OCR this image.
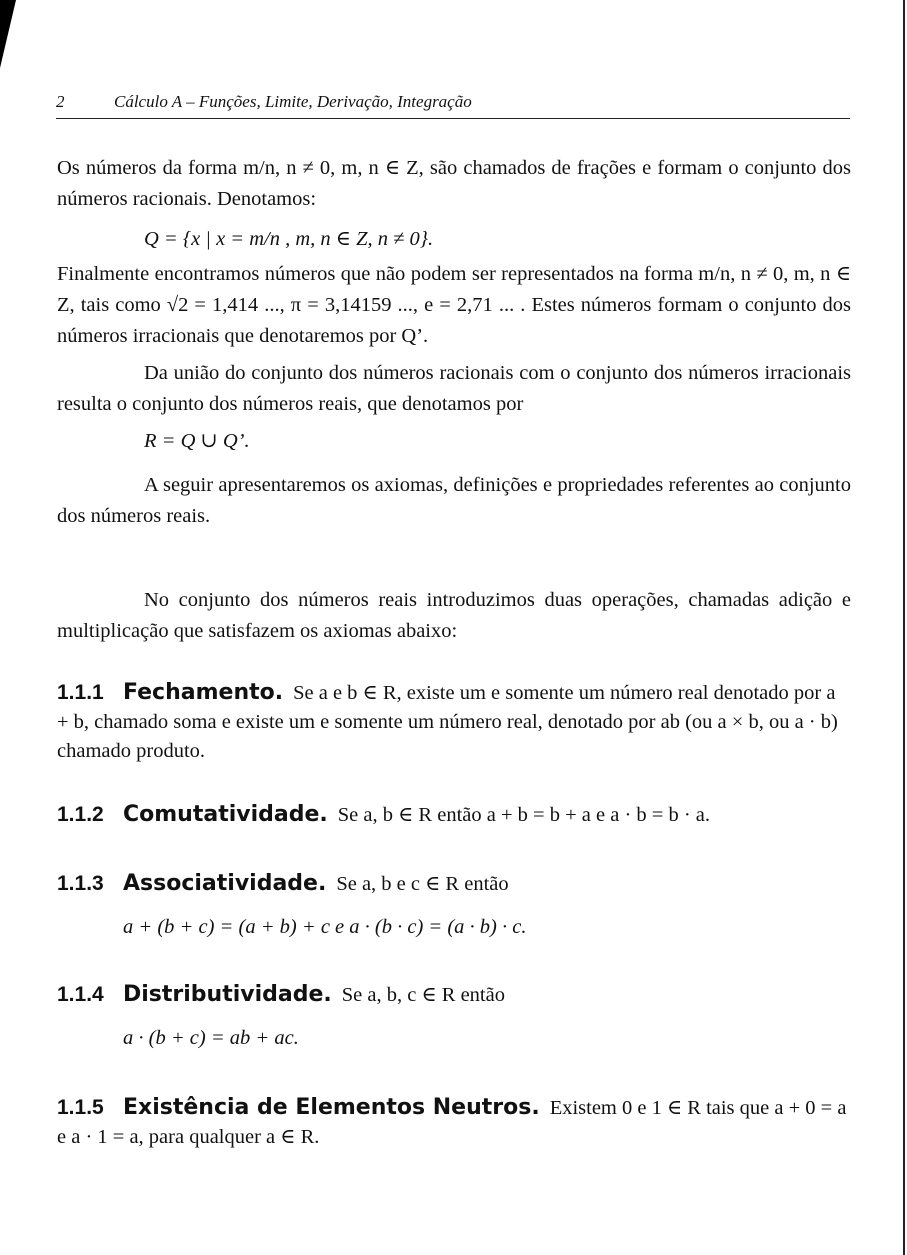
2	Cálculo A – Funções, Limite, Derivação, Integração
Os números da forma m/n, n ≠ 0, m, n ∈ Z, são chamados de frações e formam o conjunto dos números racionais. Denotamos:
Q = {x | x = m/n , m, n ∈ Z, n ≠ 0}.
Finalmente encontramos números que não podem ser representados na forma m/n, n ≠ 0, m, n ∈ Z, tais como √2 = 1,414 ..., π = 3,14159 ..., e = 2,71 ... . Estes números formam o conjunto dos números irracionais que denotaremos por Q’.
Da união do conjunto dos números racionais com o conjunto dos números irracionais resulta o conjunto dos números reais, que denotamos por
R = Q ∪ Q’.
A seguir apresentaremos os axiomas, definições e propriedades referentes ao conjunto dos números reais.
No conjunto dos números reais introduzimos duas operações, chamadas adição e multiplicação que satisfazem os axiomas abaixo:
1.1.1 Fechamento. Se a e b ∈ R, existe um e somente um número real denotado por a + b, chamado soma e existe um e somente um número real, denotado por ab (ou a × b, ou a · b) chamado produto.
1.1.2 Comutatividade. Se a, b ∈ R então a + b = b + a e a · b = b · a.
1.1.3 Associatividade. Se a, b e c ∈ R então
a + (b + c) = (a + b) + c e a · (b · c) = (a · b) · c.
1.1.4 Distributividade. Se a, b, c ∈ R então
a · (b + c) = ab + ac.
1.1.5 Existência de Elementos Neutros. Existem 0 e 1 ∈ R tais que a + 0 = a e a · 1 = a, para qualquer a ∈ R.
